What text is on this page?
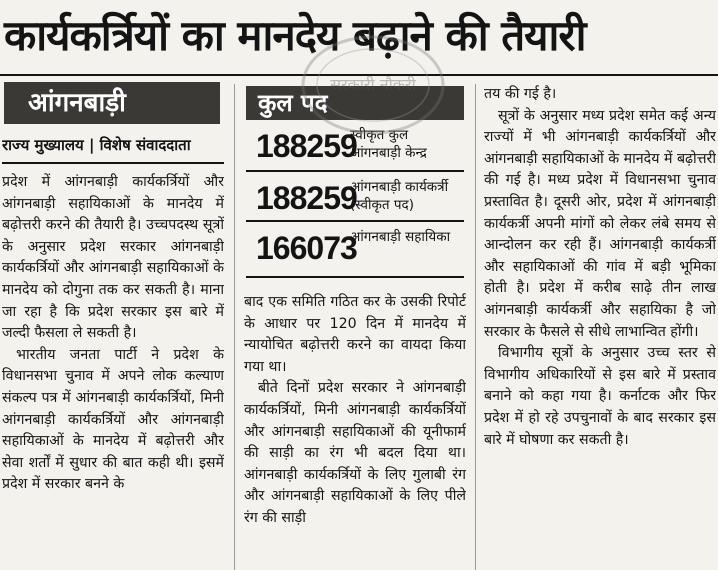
कार्यकर्त्रियों का मानदेय बढ़ाने की तैयारी
आंगनबाड़ी
राज्य मुख्यालय | विशेष संवाददाता

प्रदेश में आंगनबाड़ी कार्यकर्त्रियों और आंगनबाड़ी सहायिकाओं के मानदेय में बढ़ोत्तरी करने की तैयारी है। उच्चपदस्थ सूत्रों के अनुसार प्रदेश सरकार आंगनबाड़ी कार्यकर्त्रियों और आंगनबाड़ी सहायिकाओं के मानदेय को दोगुना तक कर सकती है। माना जा रहा है कि प्रदेश सरकार इस बारे में जल्दी फैसला ले सकती है।

भारतीय जनता पार्टी ने प्रदेश के विधानसभा चुनाव में अपने लोक कल्याण संकल्प पत्र में आंगनबाड़ी कार्यकर्त्रियों, मिनी आंगनबाड़ी कार्यकर्त्रियों और आंगनबाड़ी सहायिकाओं के मानदेय में बढ़ोत्तरी और सेवा शर्तों में सुधार की बात कही थी। इसमें प्रदेश में सरकार बनने के

कुल पद
188259
स्वीकृत कुल आंगनबाड़ी केन्द्र
188259
आंगनबाड़ी कार्यकर्त्री (स्वीकृत पद)
166073
आंगनबाड़ी सहायिका
सरकारी नौकरी

बाद एक समिति गठित कर के उसकी रिपोर्ट के आधार पर 120 दिन में मानदेय में न्यायोचित बढ़ोत्तरी करने का वायदा किया गया था।

बीते दिनों प्रदेश सरकार ने आंगनबाड़ी कार्यकर्त्रियों, मिनी आंगनबाड़ी कार्यकर्त्रियों और आंगनबाड़ी सहायिकाओं की यूनीफार्म की साड़ी का रंग भी बदल दिया था। आंगनबाड़ी कार्यकर्त्रियों के लिए गुलाबी रंग और आंगनबाड़ी सहायिकाओं के लिए पीले रंग की साड़ी

तय की गई है।

सूत्रों के अनुसार मध्य प्रदेश समेत कई अन्य राज्यों में भी आंगनबाड़ी कार्यकर्त्रियों और आंगनबाड़ी सहायिकाओं के मानदेय में बढ़ोत्तरी की गई है। मध्य प्रदेश में विधानसभा चुनाव प्रस्तावित है। दूसरी ओर, प्रदेश में आंगनबाड़ी कार्यकर्त्री अपनी मांगों को लेकर लंबे समय से आन्दोलन कर रही हैं। आंगनबाड़ी कार्यकर्त्री और सहायिकाओं की गांव में बड़ी भूमिका होती है। प्रदेश में करीब साढ़े तीन लाख आंगनबाड़ी कार्यकर्त्री और सहायिका है जो सरकार के फैसले से सीधे लाभान्वित होंगी।

विभागीय सूत्रों के अनुसार उच्च स्तर से विभागीय अधिकारियों से इस बारे में प्रस्ताव बनाने को कहा गया है। कर्नाटक और फिर प्रदेश में हो रहे उपचुनावों के बाद सरकार इस बारे में घोषणा कर सकती है।
